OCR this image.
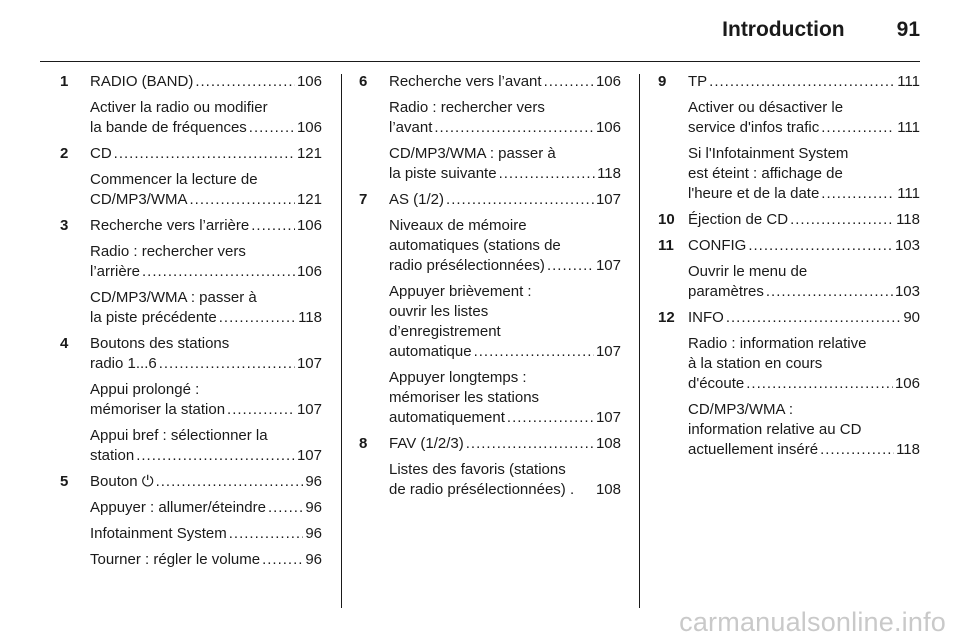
Introduction 91
1	RADIO (BAND) .....	106
Activer la radio ou modifier
la bande de fréquences .....	106
2	CD .....	121
Commencer la lecture de
CD/MP3/WMA .....	121
3	Recherche vers l’arrière .....	106
Radio : rechercher vers
l’arrière .....	106
CD/MP3/WMA : passer à
la piste précédente .....	118
4	Boutons des stations
radio 1...6 .....	107
Appui prolongé :
mémoriser la station .....	107
Appui bref : sélectionner la
station .....	107
5	Bouton ⏻ .....	96
Appuyer : allumer/éteindre .....	96
Infotainment System .....	96
Tourner : régler le volume .....	96
6	Recherche vers l’avant .....	106
Radio : rechercher vers
l’avant .....	106
CD/MP3/WMA : passer à
la piste suivante .....	118
7	AS (1/2) .....	107
Niveaux de mémoire
automatiques (stations de
radio présélectionnées) .....	107
Appuyer brièvement :
ouvrir les listes
d’enregistrement
automatique .....	107
Appuyer longtemps :
mémoriser les stations
automatiquement .....	107
8	FAV (1/2/3) .....	108
Listes des favoris (stations
de radio présélectionnées) . 108
9	TP .....	111
Activer ou désactiver le
service d'infos trafic .....	111
Si l'Infotainment System
est éteint : affichage de
l'heure et de la date .....	111
10 Éjection de CD .....	118
11 CONFIG .....	103
Ouvrir le menu de
paramètres .....	103
12 INFO .....	90
Radio : information relative
à la station en cours
d'écoute .....	106
CD/MP3/WMA :
information relative au CD
actuellement inséré .....	118
carmanualsonline.info
